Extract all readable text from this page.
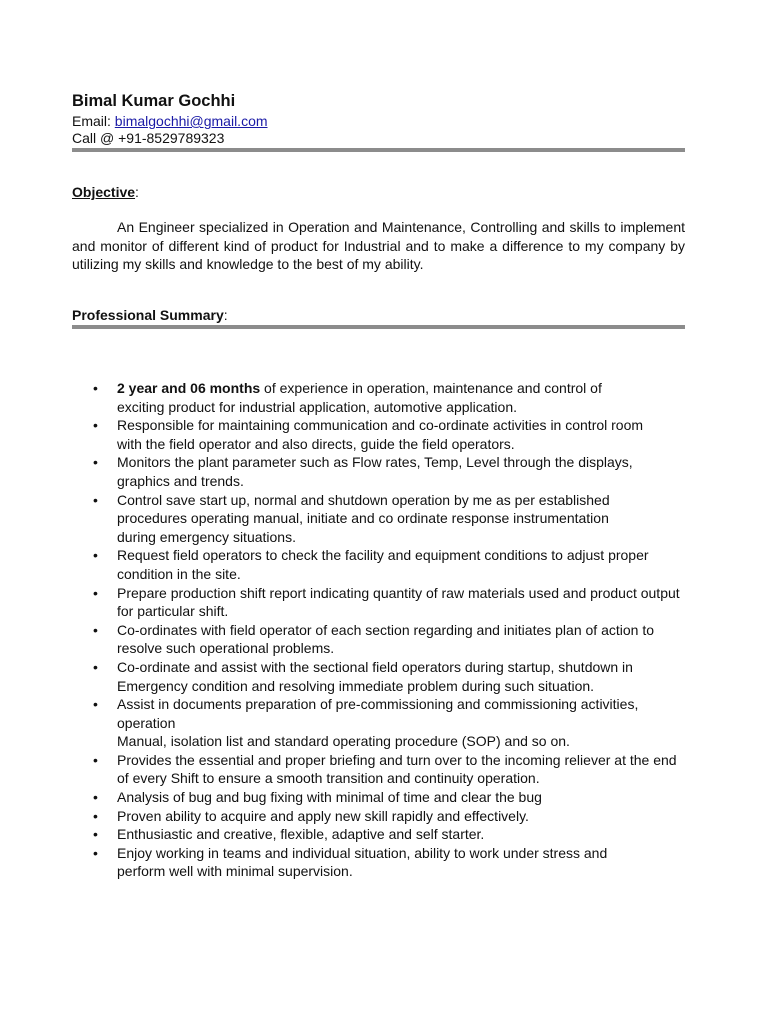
Bimal Kumar Gochhi
Email: bimalgochhi@gmail.com
Call @ +91-8529789323
Objective:

An Engineer specialized in Operation and Maintenance, Controlling and skills to implement and monitor of different kind of product for Industrial and to make a difference to my company by utilizing my skills and knowledge to the best of my ability.

Professional Summary:
• 2 year and 06 months of experience in operation, maintenance and control of
exciting product for industrial application, automotive application.
• Responsible for maintaining communication and co-ordinate activities in control room
with the field operator and also directs, guide the field operators.
• Monitors the plant parameter such as Flow rates, Temp, Level through the displays,
graphics and trends.
• Control save start up, normal and shutdown operation by me as per established
procedures operating manual, initiate and co ordinate response instrumentation
during emergency situations.
• Request field operators to check the facility and equipment conditions to adjust proper
condition in the site.
• Prepare production shift report indicating quantity of raw materials used and product output
for particular shift.
• Co-ordinates with field operator of each section regarding and initiates plan of action to
resolve such operational problems.
• Co-ordinate and assist with the sectional field operators during startup, shutdown in
Emergency condition and resolving immediate problem during such situation.
• Assist in documents preparation of pre-commissioning and commissioning activities,
operation
Manual, isolation list and standard operating procedure (SOP) and so on.
• Provides the essential and proper briefing and turn over to the incoming reliever at the end
of every Shift to ensure a smooth transition and continuity operation.
• Analysis of bug and bug fixing with minimal of time and clear the bug
• Proven ability to acquire and apply new skill rapidly and effectively.
• Enthusiastic and creative, flexible, adaptive and self starter.
• Enjoy working in teams and individual situation, ability to work under stress and
perform well with minimal supervision.
